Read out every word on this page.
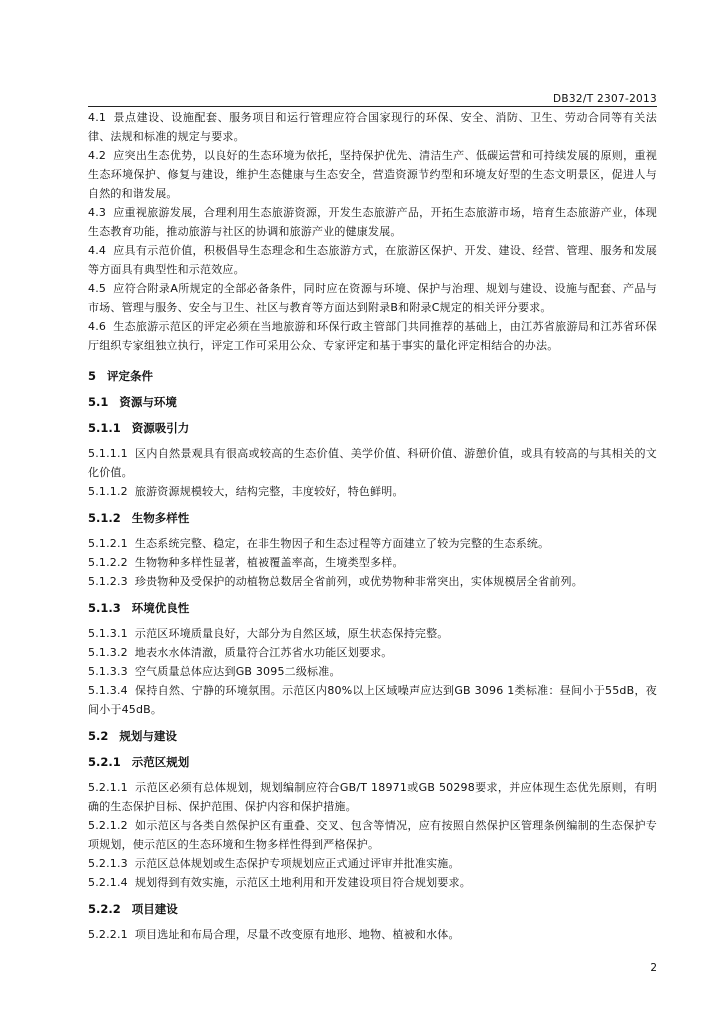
DB32/T 2307-2013

4.1 景点建设、设施配套、服务项目和运行管理应符合国家现行的环保、安全、消防、卫生、劳动合同等有关法律、法规和标准的规定与要求。

4.2 应突出生态优势，以良好的生态环境为依托，坚持保护优先、清洁生产、低碳运营和可持续发展的原则，重视生态环境保护、修复与建设，维护生态健康与生态安全，营造资源节约型和环境友好型的生态文明景区，促进人与自然的和谐发展。

4.3 应重视旅游发展，合理利用生态旅游资源，开发生态旅游产品，开拓生态旅游市场，培育生态旅游产业，体现生态教育功能，推动旅游与社区的协调和旅游产业的健康发展。

4.4 应具有示范价值，积极倡导生态理念和生态旅游方式，在旅游区保护、开发、建设、经营、管理、服务和发展等方面具有典型性和示范效应。

4.5 应符合附录A所规定的全部必备条件，同时应在资源与环境、保护与治理、规划与建设、设施与配套、产品与市场、管理与服务、安全与卫生、社区与教育等方面达到附录B和附录C规定的相关评分要求。

4.6 生态旅游示范区的评定必须在当地旅游和环保行政主管部门共同推荐的基础上，由江苏省旅游局和江苏省环保厅组织专家组独立执行，评定工作可采用公众、专家评定和基于事实的量化评定相结合的办法。

5 评定条件

5.1 资源与环境

5.1.1 资源吸引力

5.1.1.1 区内自然景观具有很高或较高的生态价值、美学价值、科研价值、游憩价值，或具有较高的与其相关的文化价值。

5.1.1.2 旅游资源规模较大，结构完整，丰度较好，特色鲜明。

5.1.2 生物多样性

5.1.2.1 生态系统完整、稳定，在非生物因子和生态过程等方面建立了较为完整的生态系统。

5.1.2.2 生物物种多样性显著，植被覆盖率高，生境类型多样。

5.1.2.3 珍贵物种及受保护的动植物总数居全省前列，或优势物种非常突出，实体规模居全省前列。

5.1.3 环境优良性

5.1.3.1 示范区环境质量良好，大部分为自然区域，原生状态保持完整。

5.1.3.2 地表水水体清澈，质量符合江苏省水功能区划要求。

5.1.3.3 空气质量总体应达到GB 3095二级标准。

5.1.3.4 保持自然、宁静的环境氛围。示范区内80%以上区域噪声应达到GB 3096 1类标准：昼间小于55dB，夜间小于45dB。

5.2 规划与建设

5.2.1 示范区规划

5.2.1.1 示范区必须有总体规划，规划编制应符合GB/T 18971或GB 50298要求，并应体现生态优先原则，有明确的生态保护目标、保护范围、保护内容和保护措施。

5.2.1.2 如示范区与各类自然保护区有重叠、交叉、包含等情况，应有按照自然保护区管理条例编制的生态保护专项规划，使示范区的生态环境和生物多样性得到严格保护。

5.2.1.3 示范区总体规划或生态保护专项规划应正式通过评审并批准实施。

5.2.1.4 规划得到有效实施，示范区土地利用和开发建设项目符合规划要求。

5.2.2 项目建设

5.2.2.1 项目选址和布局合理，尽量不改变原有地形、地物、植被和水体。

2
